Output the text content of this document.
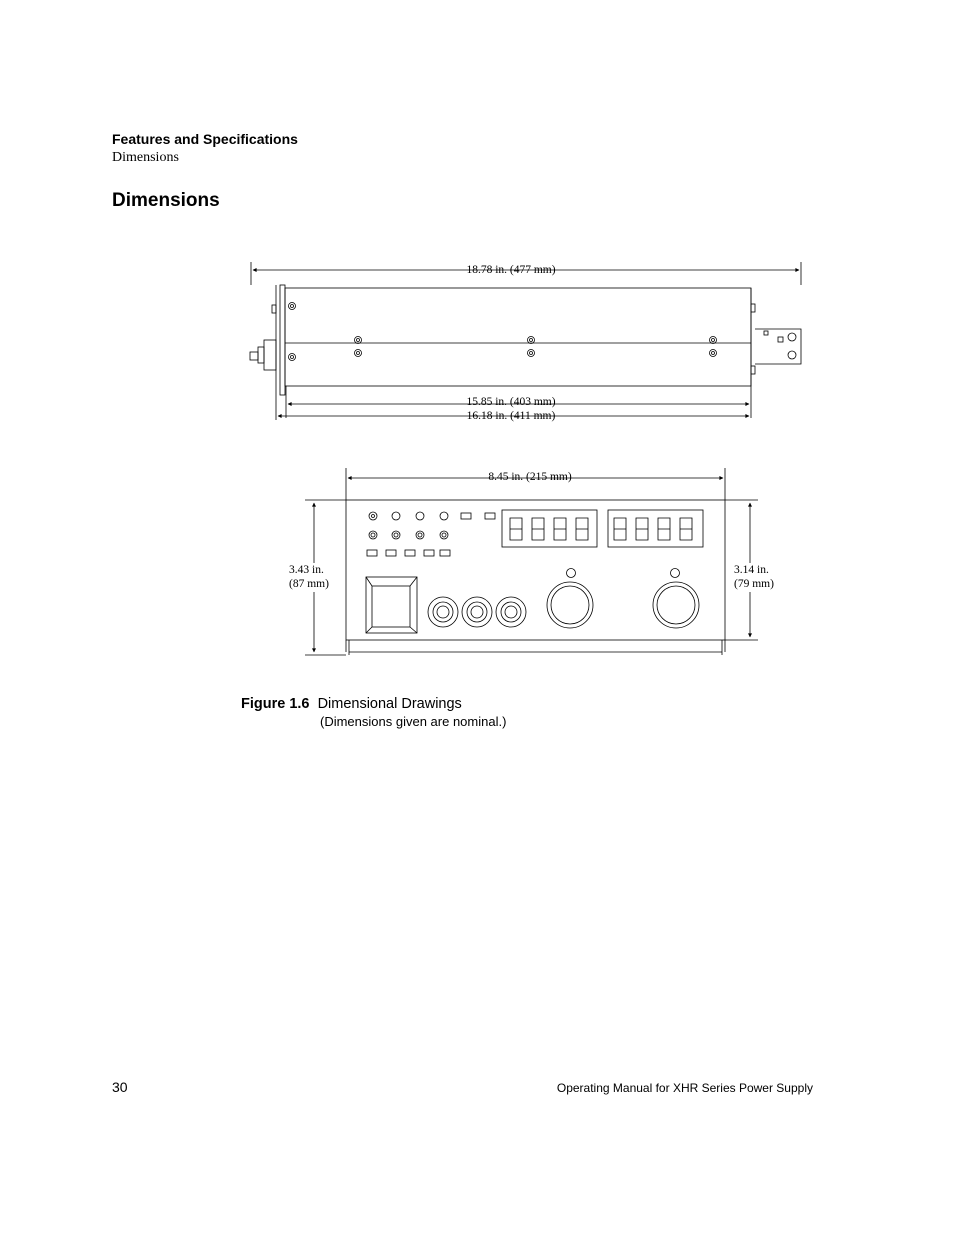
Features and Specifications
Dimensions
Dimensions
18.78 in. (477 mm)
15.85 in. (403 mm)
16.18 in. (411 mm)
8.45 in. (215 mm)
3.43 in.
(87 mm)
3.14 in.
(79 mm)
Figure 1.6 Dimensional Drawings
(Dimensions given are nominal.)
30	Operating Manual for XHR Series Power Supply
